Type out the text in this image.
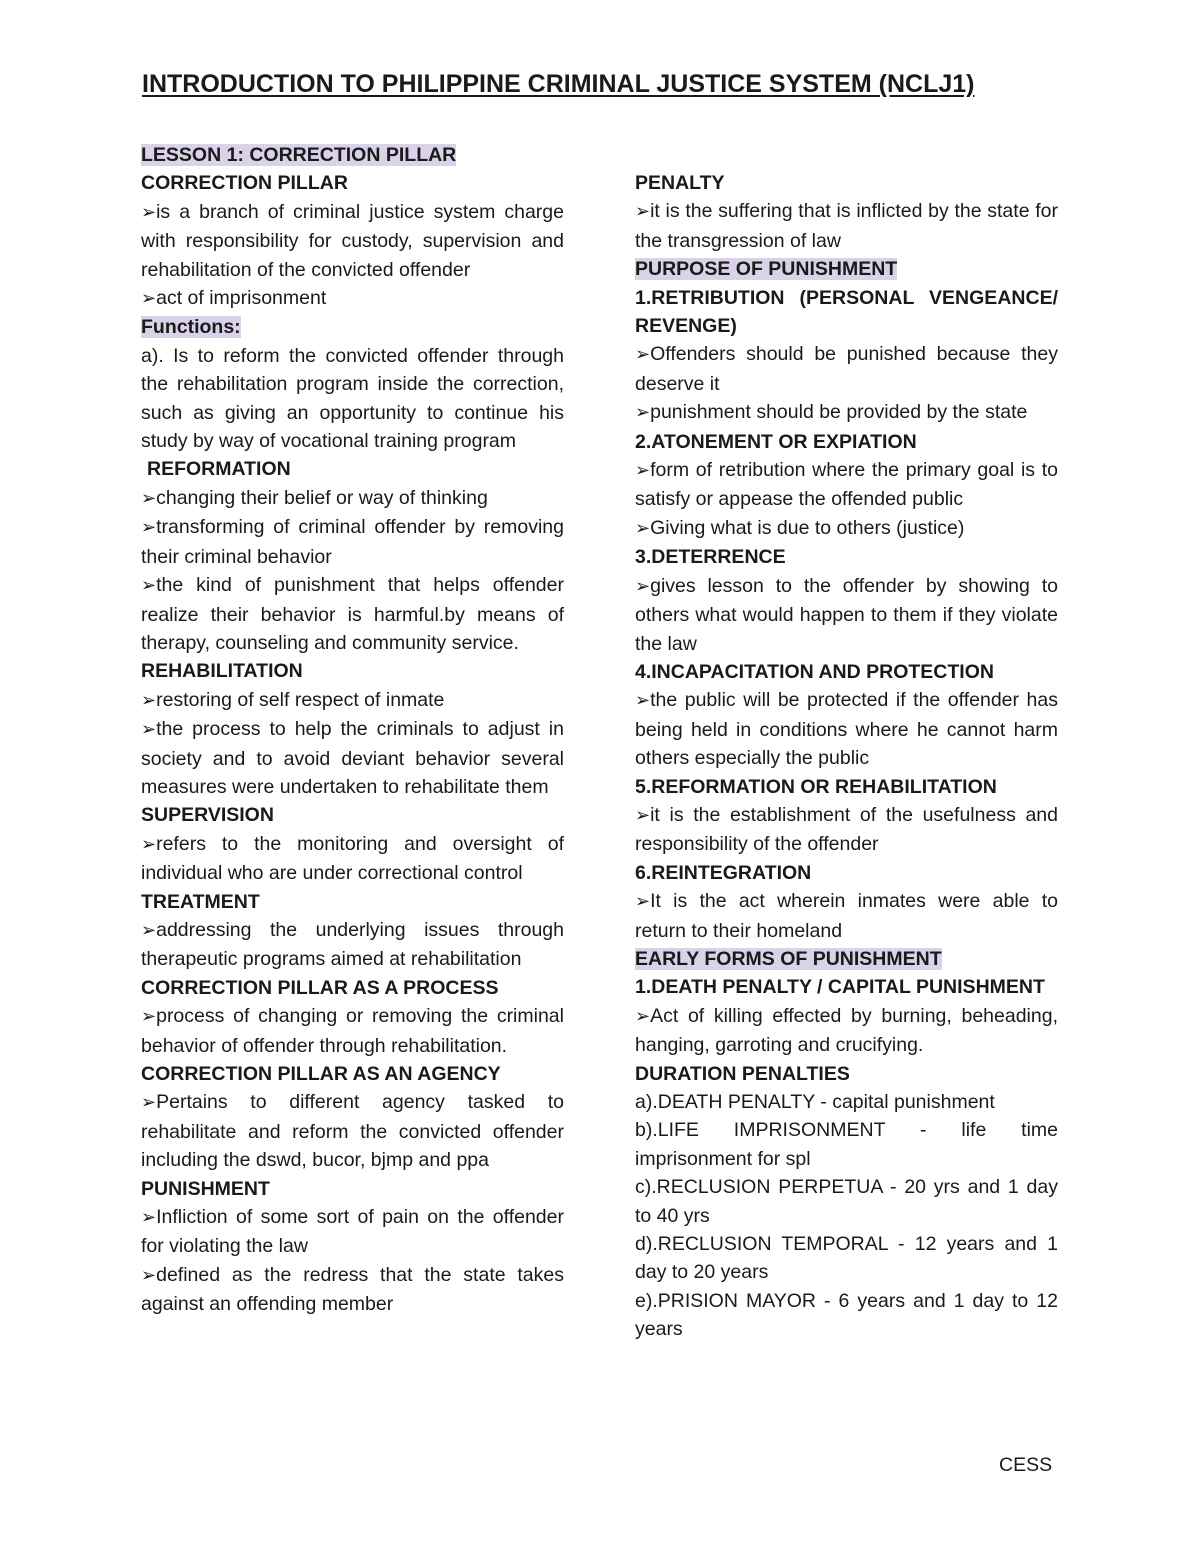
INTRODUCTION TO PHILIPPINE CRIMINAL JUSTICE SYSTEM (NCLJ1)

LESSON 1: CORRECTION PILLAR

CORRECTION PILLAR

➢is a branch of criminal justice system charge with responsibility for custody, supervision and rehabilitation of the convicted offender

➢act of imprisonment

Functions:

a). Is to reform the convicted offender through the rehabilitation program inside the correction, such as giving an opportunity to continue his study by way of vocational training program

REFORMATION

➢changing their belief or way of thinking

➢transforming of criminal offender by removing their criminal behavior

➢the kind of punishment that helps offender realize their behavior is harmful.by means of therapy, counseling and community service.

REHABILITATION

➢restoring of self respect of inmate

➢the process to help the criminals to adjust in society and to avoid deviant behavior several measures were undertaken to rehabilitate them

SUPERVISION

➢refers to the monitoring and oversight of individual who are under correctional control

TREATMENT

➢addressing the underlying issues through therapeutic programs aimed at rehabilitation

CORRECTION PILLAR AS A PROCESS

➢process of changing or removing the criminal behavior of offender through rehabilitation.

CORRECTION PILLAR AS AN AGENCY

➢Pertains to different agency tasked to rehabilitate and reform the convicted offender including the dswd, bucor, bjmp and ppa

PUNISHMENT

➢Infliction of some sort of pain on the offender for violating the law

➢defined as the redress that the state takes against an offending member

PENALTY

➢it is the suffering that is inflicted by the state for the transgression of law

PURPOSE OF PUNISHMENT

1.RETRIBUTION (PERSONAL VENGEANCE/ REVENGE)

➢Offenders should be punished because they deserve it

➢punishment should be provided by the state

2.ATONEMENT OR EXPIATION

➢form of retribution where the primary goal is to satisfy or appease the offended public

➢Giving what is due to others (justice)

3.DETERRENCE

➢gives lesson to the offender by showing to others what would happen to them if they violate the law

4.INCAPACITATION AND PROTECTION

➢the public will be protected if the offender has being held in conditions where he cannot harm others especially the public

5.REFORMATION OR REHABILITATION

➢it is the establishment of the usefulness and responsibility of the offender

6.REINTEGRATION

➢It is the act wherein inmates were able to return to their homeland

EARLY FORMS OF PUNISHMENT

1.DEATH PENALTY / CAPITAL PUNISHMENT

➢Act of killing effected by burning, beheading, hanging, garroting and crucifying.

DURATION PENALTIES

a).DEATH PENALTY - capital punishment

b).LIFE IMPRISONMENT - life time imprisonment for spl

c).RECLUSION PERPETUA - 20 yrs and 1 day to 40 yrs

d).RECLUSION TEMPORAL - 12 years and 1 day to 20 years

e).PRISION MAYOR - 6 years and 1 day to 12 years

CESS
